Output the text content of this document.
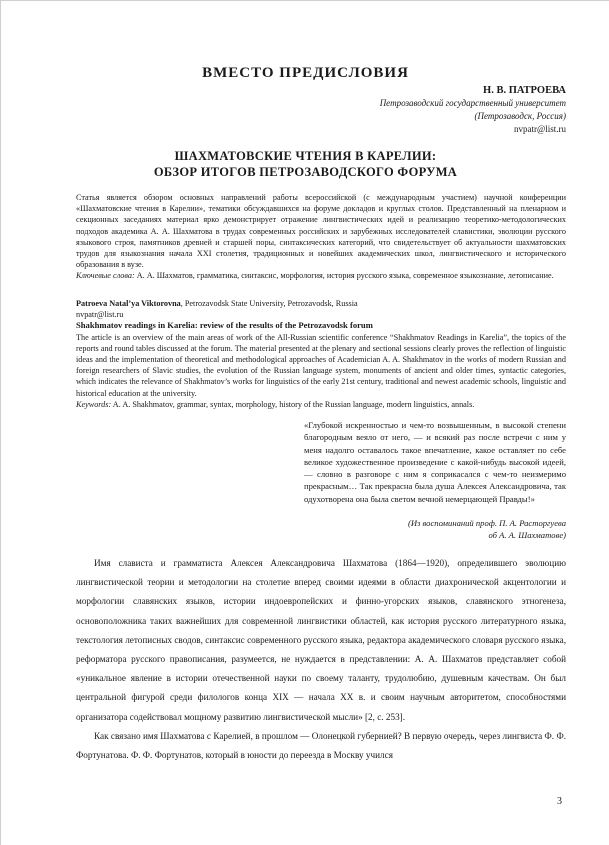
ВМЕСТО ПРЕДИСЛОВИЯ
Н. В. ПАТРОЕВА
Петрозаводский государственный университет
(Петрозаводск, Россия)
nvpatr@list.ru
ШАХМАТОВСКИЕ ЧТЕНИЯ В КАРЕЛИИ:
ОБЗОР ИТОГОВ ПЕТРОЗАВОДСКОГО ФОРУМА

Статья является обзором основных направлений работы всероссийской (с международным участием) научной конференции «Шахматовские чтения в Карелии», тематики обсуждавшихся на форуме докладов и круглых столов. Представленный на пленарном и секционных заседаниях материал ярко демонстрирует отражение лингвистических идей и реализацию теоретико-методологических подходов академика А. А. Шахматова в трудах современных российских и зарубежных исследователей славистики, эволюции русского языкового строя, памятников древней и старшей поры, синтаксических категорий, что свидетельствует об актуальности шахматовских трудов для языкознания начала XXI столетия, традиционных и новейших академических школ, лингвистического и исторического образования в вузе.

Ключевые слова: А. А. Шахматов, грамматика, синтаксис, морфология, история русского языка, современное языкознание, летописание.

Patroeva Natal’ya Viktorovna, Petrozavodsk State University, Petrozavodsk, Russia

nvpatr@list.ru

Shakhmatov readings in Karelia: review of the results of the Petrozavodsk forum

The article is an overview of the main areas of work of the All-Russian scientific conference “Shakhmatov Readings in Karelia”, the topics of the reports and round tables discussed at the forum. The material presented at the plenary and sectional sessions clearly proves the reflection of linguistic ideas and the implementation of theoretical and methodological approaches of Academician A. A. Shakhmatov in the works of modern Russian and foreign researchers of Slavic studies, the evolution of the Russian language system, monuments of ancient and older times, syntactic categories, which indicates the relevance of Shakhmatov’s works for linguistics of the early 21st century, traditional and newest academic schools, linguistic and historical education at the university.

Keywords: A. A. Shakhmatov, grammar, syntax, morphology, history of the Russian language, modern linguistics, annals.

«Глубокой искренностью и чем-то возвышенным, в высокой степени благородным веяло от него, — и всякий раз после встречи с ним у меня надолго оставалось такое впечатление, какое оставляет по себе великое художественное произведение с какой-нибудь высокой идеей, — словно в разговоре с ним я соприкасался с чем-то неизмеримо прекрасным… Так прекрасна была душа Алексея Александровича, так одухотворена она была светом вечной немерцающей Правды!»

(Из воспоминаний проф. П. А. Расторгуева
об А. А. Шахматове)

Имя слависта и грамматиста Алексея Александровича Шахматова (1864—1920), определившего эволюцию лингвистической теории и методологии на столетие вперед своими идеями в области диахронической акцентологии и морфологии славянских языков, истории индоевропейских и финно-угорских языков, славянского этногенеза, основоположника таких важнейших для современной лингвистики областей, как история русского литературного языка, текстология летописных сводов, синтаксис современного русского языка, редактора академического словаря русского языка, реформатора русского правописания, разумеется, не нуждается в представлении: А. А. Шахматов представляет собой «уникальное явление в истории отечественной науки по своему таланту, трудолюбию, душевным качествам. Он был центральной фигурой среди филологов конца XIX — начала XX в. и своим научным авторитетом, способностями организатора содействовал мощному развитию лингвистической мысли» [2, с. 253].

Как связано имя Шахматова с Карелией, в прошлом — Олонецкой губернией? В первую очередь, через лингвиста Ф. Ф. Фортунатова. Ф. Ф. Фортунатов, который в юности до переезда в Москву учился

3
